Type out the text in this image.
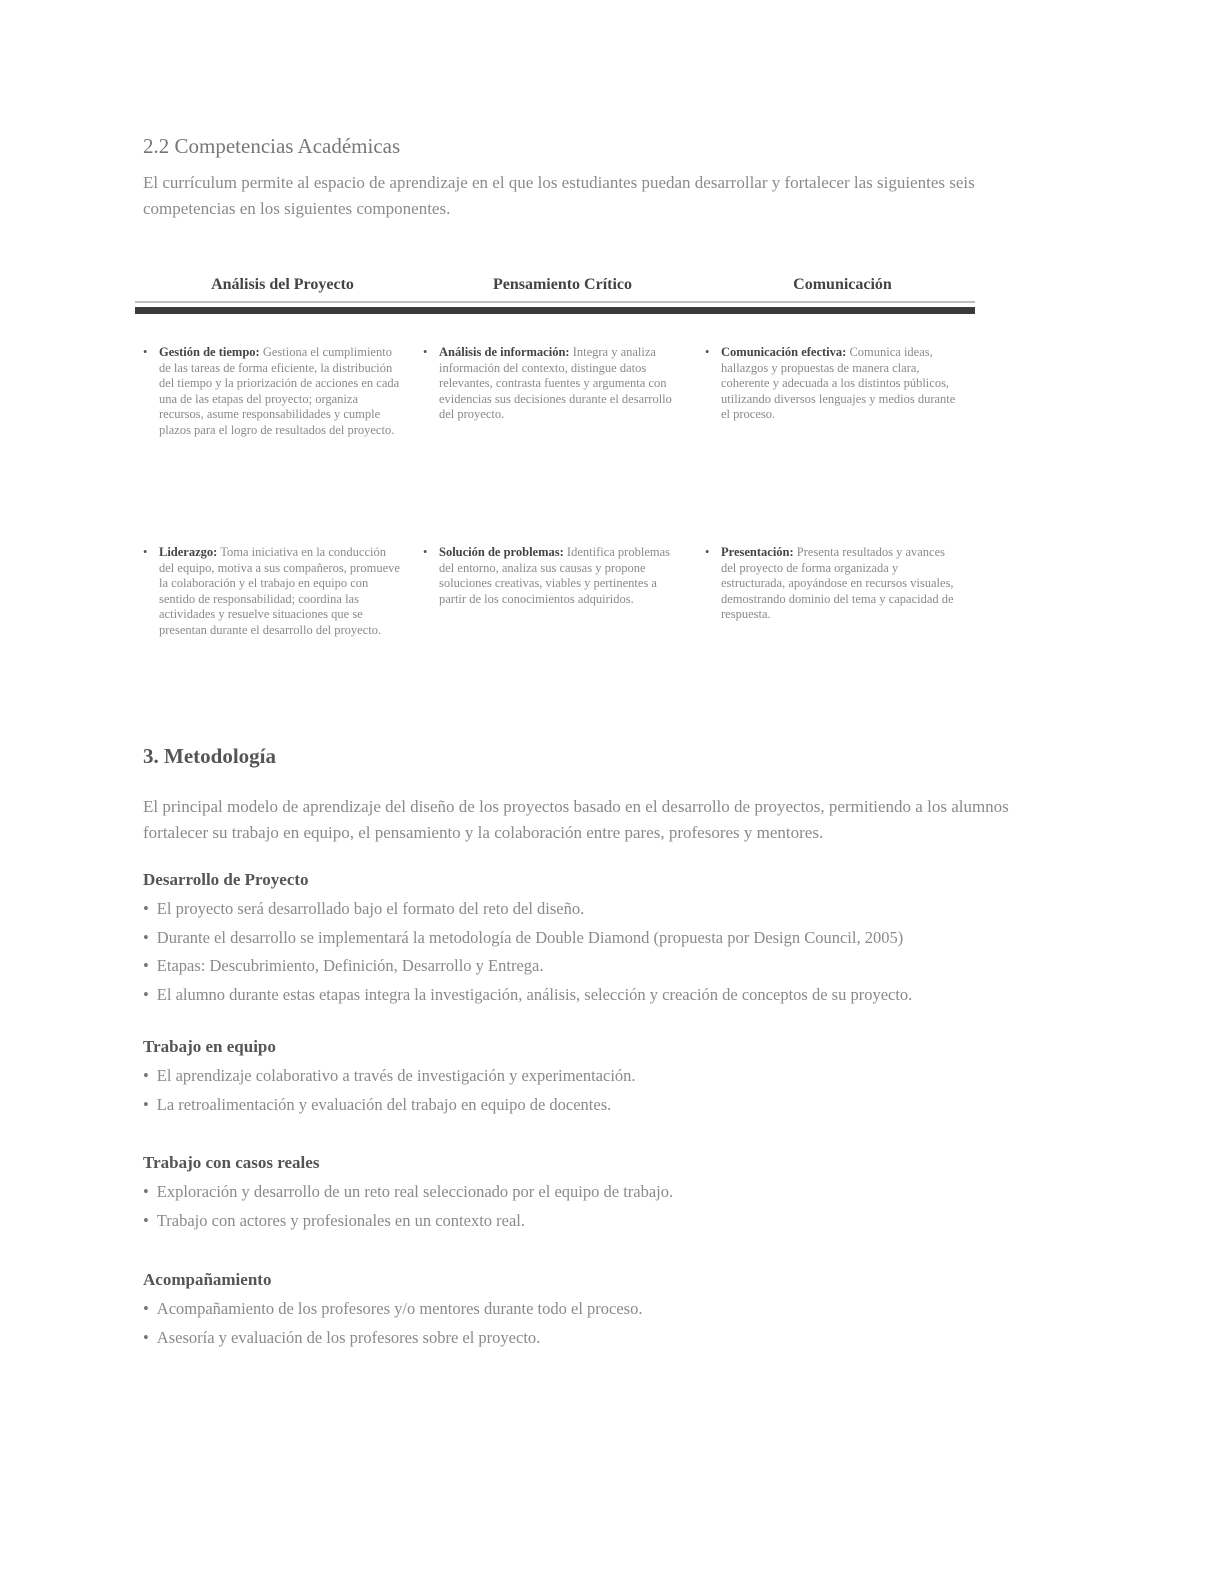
2.2 Competencias Académicas
El currículum permite al espacio de aprendizaje en el que los estudiantes puedan desarrollar y fortalecer las siguientes seis competencias en los siguientes componentes.
Análisis del Proyecto	Pensamiento Crítico	Comunicación
• Gestión de tiempo: Gestiona el cumplimiento de las tareas de forma eficiente, la distribución del tiempo y la priorización de acciones en cada una de las etapas del proyecto; organiza recursos, asume responsabilidades y cumple plazos para el logro de resultados del proyecto.
• Análisis de información: Integra y analiza información del contexto, distingue datos relevantes, contrasta fuentes y argumenta con evidencias sus decisiones durante el desarrollo del proyecto.
• Comunicación efectiva: Comunica ideas, hallazgos y propuestas de manera clara, coherente y adecuada a los distintos públicos, utilizando diversos lenguajes y medios durante el proceso.
• Liderazgo: Toma iniciativa en la conducción del equipo, motiva a sus compañeros, promueve la colaboración y el trabajo en equipo con sentido de responsabilidad; coordina las actividades y resuelve situaciones que se presentan durante el desarrollo del proyecto.
• Solución de problemas: Identifica problemas del entorno, analiza sus causas y propone soluciones creativas, viables y pertinentes a partir de los conocimientos adquiridos.
• Presentación: Presenta resultados y avances del proyecto de forma organizada y estructurada, apoyándose en recursos visuales, demostrando dominio del tema y capacidad de respuesta.
3. Metodología
El principal modelo de aprendizaje del diseño de los proyectos basado en el desarrollo de proyectos, permitiendo a los alumnos fortalecer su trabajo en equipo, el pensamiento y la colaboración entre pares, profesores y mentores.
Desarrollo de Proyecto
• El proyecto será desarrollado bajo el formato del reto del diseño.
• Durante el desarrollo se implementará la metodología de Double Diamond (propuesta por Design Council, 2005)
• Etapas: Descubrimiento, Definición, Desarrollo y Entrega.
• El alumno durante estas etapas integra la investigación, análisis, selección y creación de conceptos de su proyecto.
Trabajo en equipo
• El aprendizaje colaborativo a través de investigación y experimentación.
• La retroalimentación y evaluación del trabajo en equipo de docentes.
Trabajo con casos reales
• Exploración y desarrollo de un reto real seleccionado por el equipo de trabajo.
• Trabajo con actores y profesionales en un contexto real.
Acompañamiento
• Acompañamiento de los profesores y/o mentores durante todo el proceso.
• Asesoría y evaluación de los profesores sobre el proyecto.
